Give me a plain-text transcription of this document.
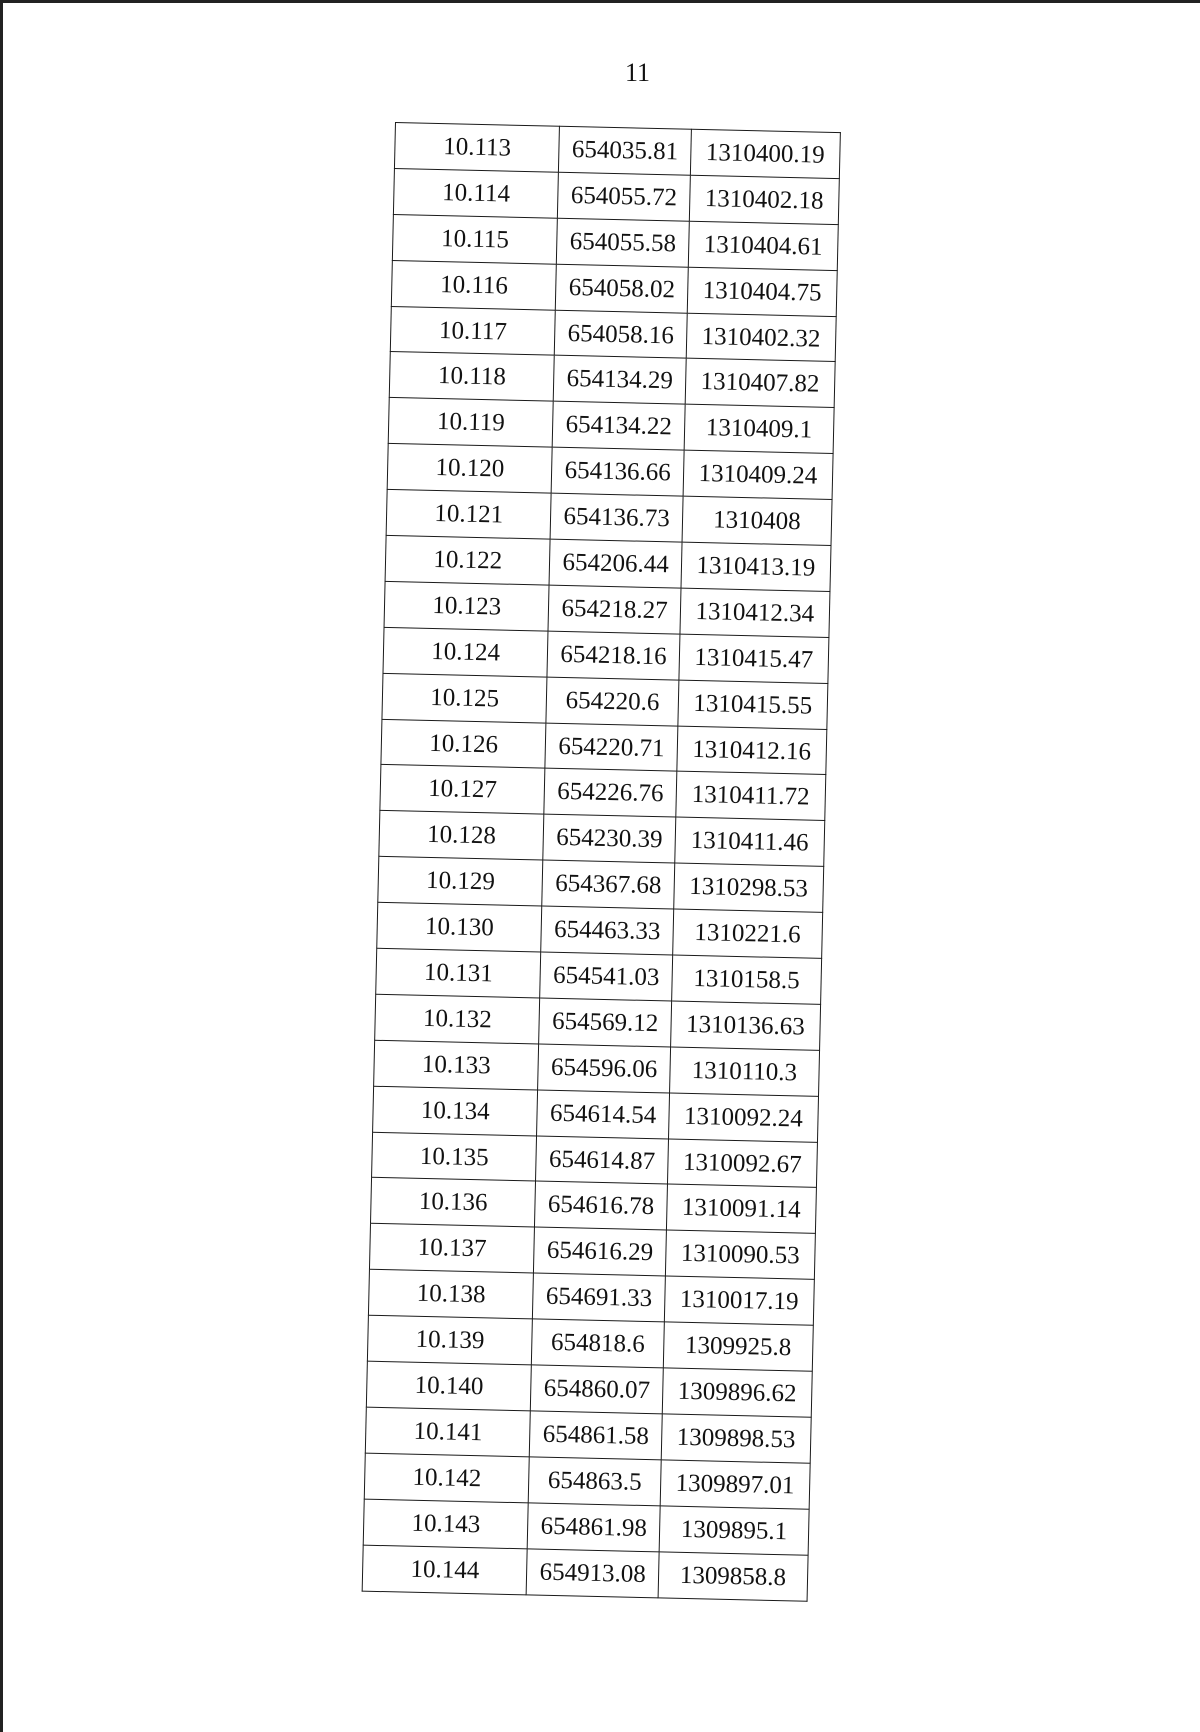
11
10.113	654035.81	1310400.19
10.114	654055.72	1310402.18
10.115	654055.58	1310404.61
10.116	654058.02	1310404.75
10.117	654058.16	1310402.32
10.118	654134.29	1310407.82
10.119	654134.22	1310409.1
10.120	654136.66	1310409.24
10.121	654136.73	1310408
10.122	654206.44	1310413.19
10.123	654218.27	1310412.34
10.124	654218.16	1310415.47
10.125	654220.6	1310415.55
10.126	654220.71	1310412.16
10.127	654226.76	1310411.72
10.128	654230.39	1310411.46
10.129	654367.68	1310298.53
10.130	654463.33	1310221.6
10.131	654541.03	1310158.5
10.132	654569.12	1310136.63
10.133	654596.06	1310110.3
10.134	654614.54	1310092.24
10.135	654614.87	1310092.67
10.136	654616.78	1310091.14
10.137	654616.29	1310090.53
10.138	654691.33	1310017.19
10.139	654818.6	1309925.8
10.140	654860.07	1309896.62
10.141	654861.58	1309898.53
10.142	654863.5	1309897.01
10.143	654861.98	1309895.1
10.144	654913.08	1309858.8
